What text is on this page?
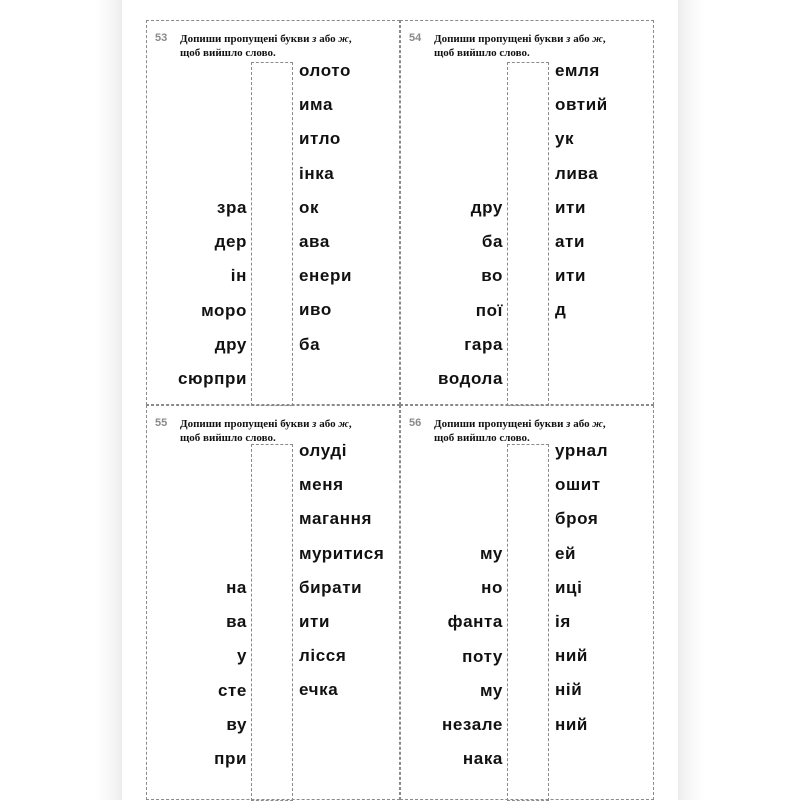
53 Допиши пропущені букви з або ж,
щоб вийшло слово.
олото
има
итло
інка
ок
ава
енери
иво
ба
зра
дер
ін
моро
дру
сюрпри
54 Допиши пропущені букви з або ж,
щоб вийшло слово.
емля
овтий
ук
лива
ити
ати
ити
д
дру
ба
во
пої
гара
водола
55 Допиши пропущені букви з або ж,
щоб вийшло слово.
олуді
меня
магання
муритися
бирати
ити
лісся
ечка
на
ва
у
сте
ву
при
56 Допиши пропущені букви з або ж,
щоб вийшло слово.
урнал
ошит
броя
ей
иці
ія
ний
ній
ний
му
но
фанта
поту
му
незале
нака
